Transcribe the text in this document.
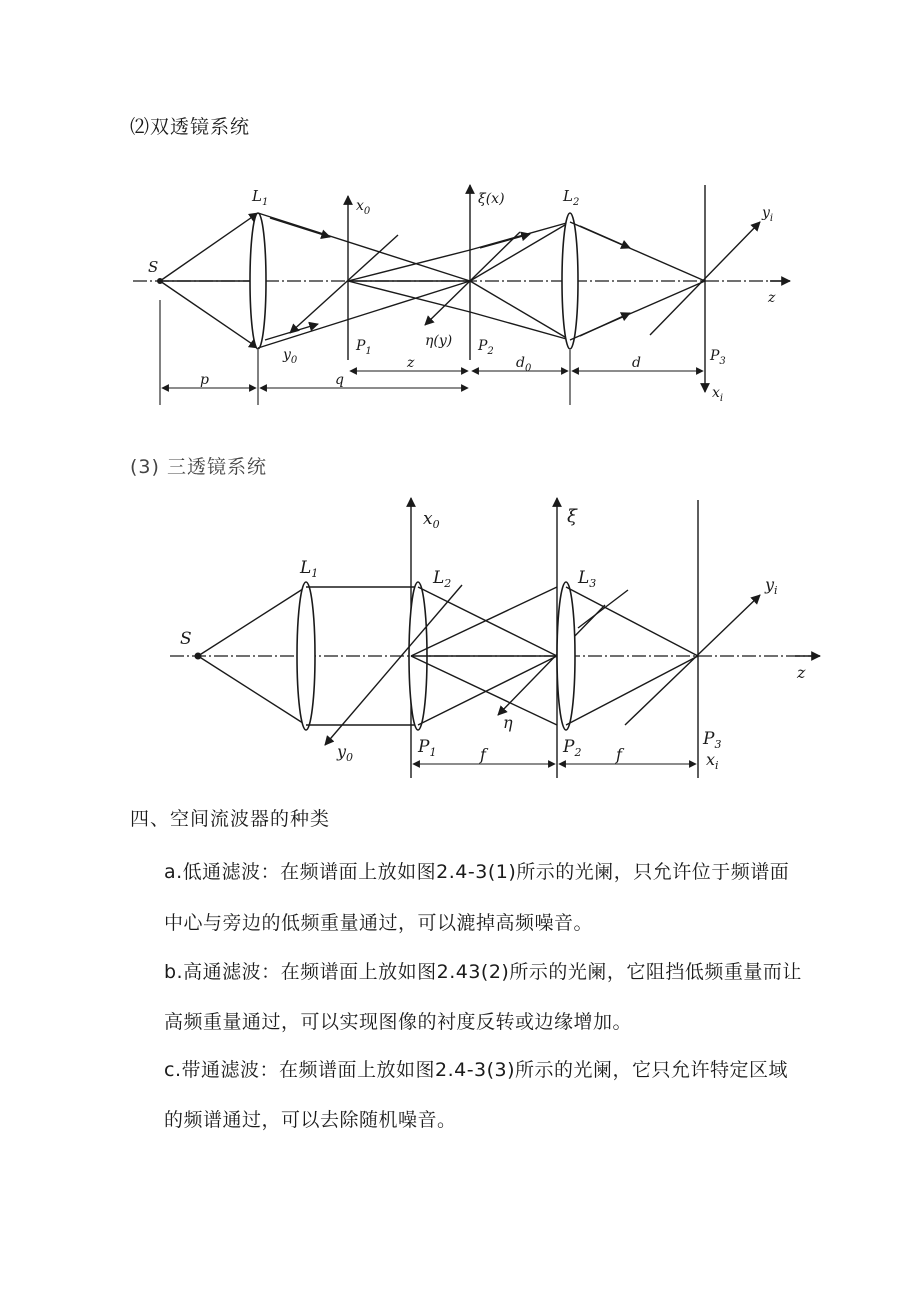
⑵双透镜系统
S
$L_1$	$x_0$
ξ(x)	$L_2$
$y_i$
z
$y_0$
$P_1$
η(y) $P_2$	$P_3$
$x_i$
p	q
z	$d_0$	d
(3) 三透镜系统
S
$L_1$
$x_0$
$L_2$
ξ
$L_3$	$y_i$
z
$y_0$
η
$P_1$	$P_2$
$P_3$
$x_i$
f	f
四、空间流波器的种类
a.低通滤波：在频谱面上放如图2.4-3(1)所示的光阑，只允许位于频谱面
中心与旁边的低频重量通过，可以漉掉高频噪音。
b.高通滤波：在频谱面上放如图2.43(2)所示的光阑，它阻挡低频重量而让
高频重量通过，可以实现图像的衬度反转或边缘增加。
c.带通滤波：在频谱面上放如图2.4-3(3)所示的光阑，它只允许特定区域
的频谱通过，可以去除随机噪音。
